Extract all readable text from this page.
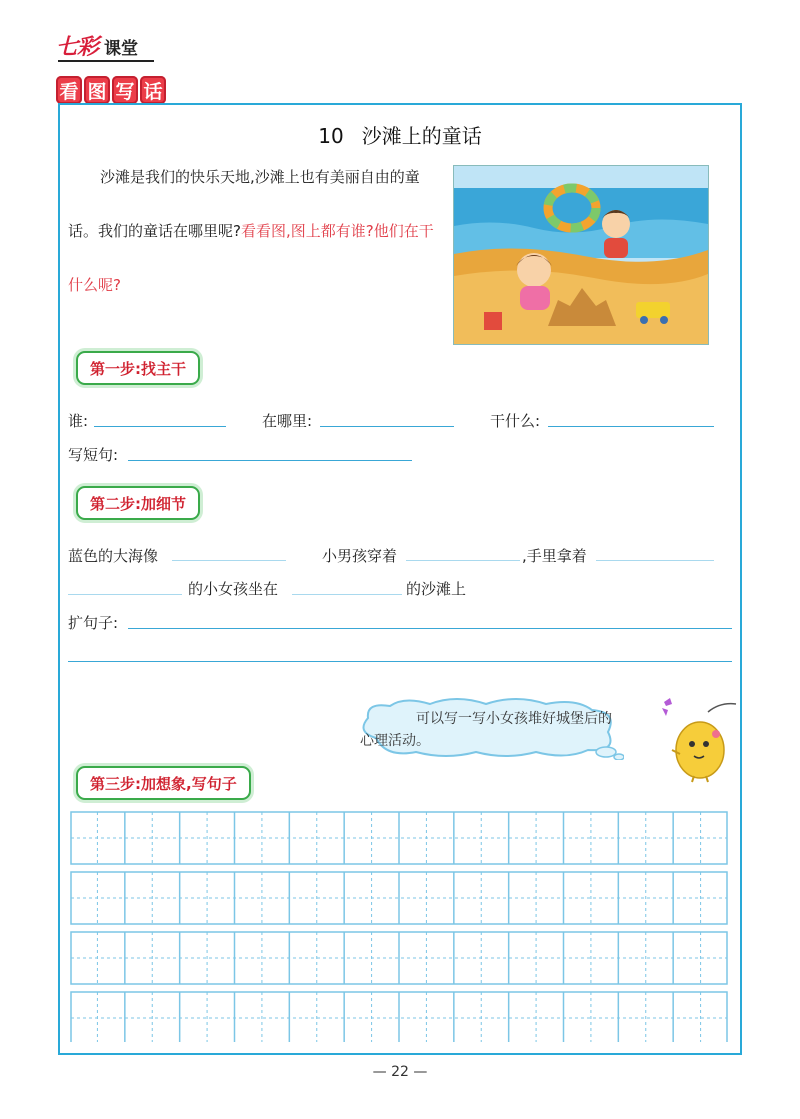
七彩 课堂
看 图 写 话
10 沙滩上的童话
沙滩是我们的快乐天地,沙滩上也有美丽自由的童话。我们的童话在哪里呢?看看图,图上都有谁?他们在干什么呢?
第一步:找主干
谁:	在哪里:	干什么:
写短句:
第二步:加细节
蓝色的大海像	小男孩穿着	,手里拿着
的小女孩坐在	的沙滩上
扩句子:
可以写一写小女孩堆好城堡后的心理活动。
第三步:加想象,写句子
— 22 —
